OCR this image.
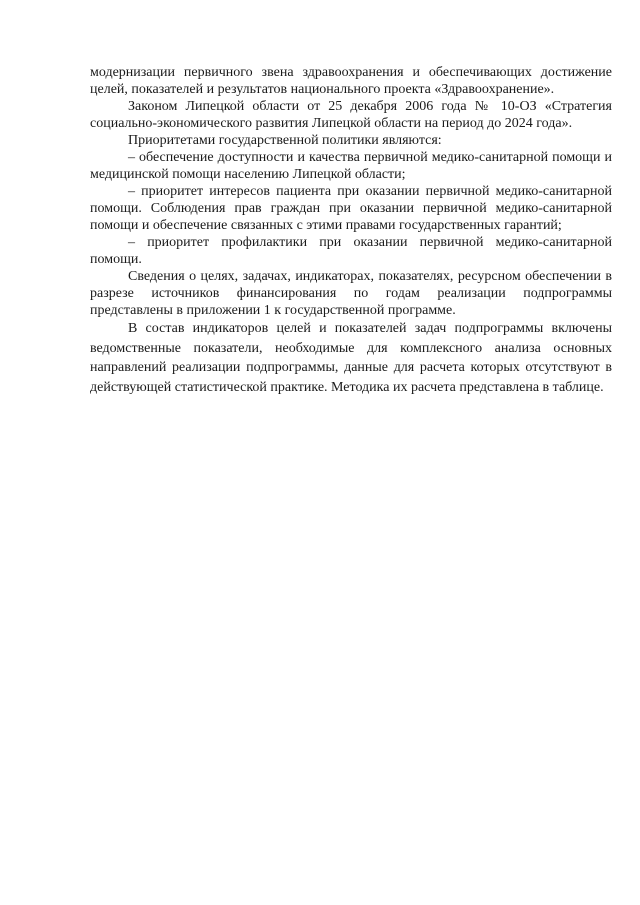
модернизации первичного звена здравоохранения и обеспечивающих достижение целей, показателей и результатов национального проекта «Здравоохранение».

Законом Липецкой области от 25 декабря 2006 года № 10-ОЗ «Стратегия социально-экономического развития Липецкой области на период до 2024 года».

Приоритетами государственной политики являются:

– обеспечение доступности и качества первичной медико-санитарной помощи и медицинской помощи населению Липецкой области;

– приоритет интересов пациента при оказании первичной медико-санитарной помощи. Соблюдения прав граждан при оказании первичной медико-санитарной помощи и обеспечение связанных с этими правами государственных гарантий;

– приоритет профилактики при оказании первичной медико-санитарной помощи.

Сведения о целях, задачах, индикаторах, показателях, ресурсном обеспечении в разрезе источников финансирования по годам реализации подпрограммы представлены в приложении 1 к государственной программе.

В состав индикаторов целей и показателей задач подпрограммы включены ведомственные показатели, необходимые для комплексного анализа основных направлений реализации подпрограммы, данные для расчета которых отсутствуют в действующей статистической практике. Методика их расчета представлена в таблице.
